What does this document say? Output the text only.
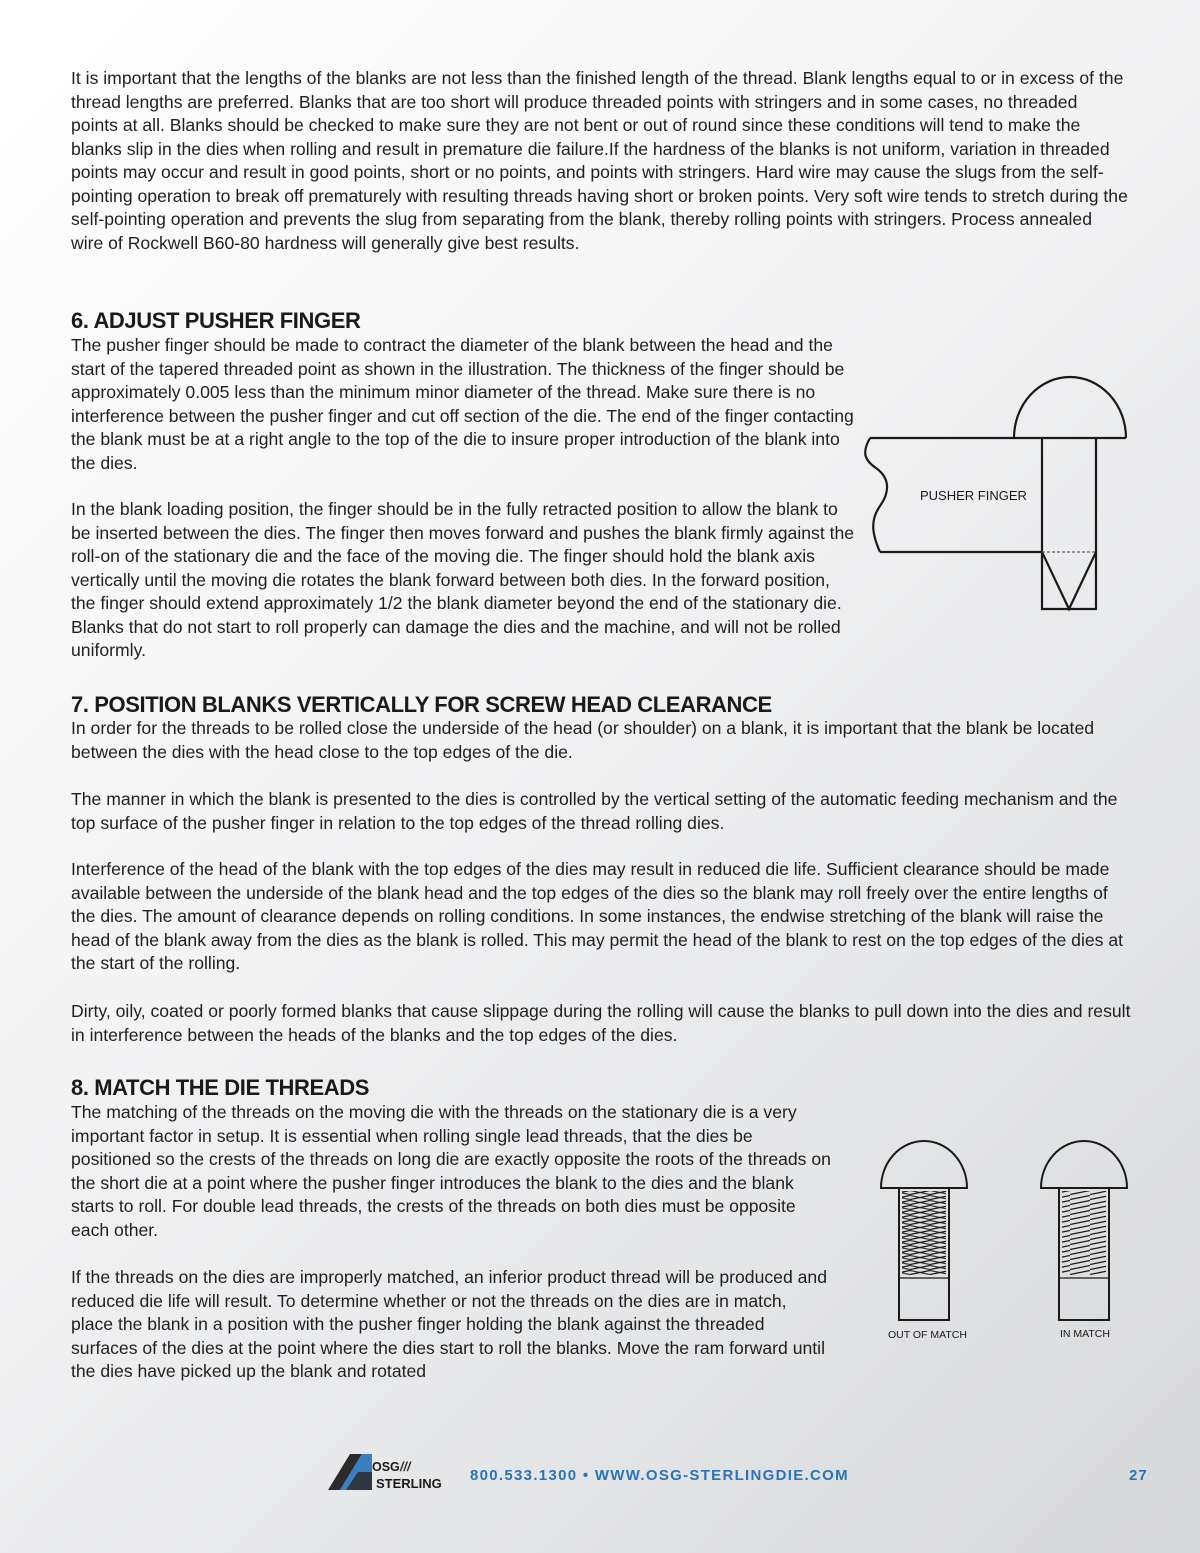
It is important that the lengths of the blanks are not less than the finished length of the thread. Blank lengths equal to or in excess of the thread lengths are preferred. Blanks that are too short will produce threaded points with stringers and in some cases, no threaded points at all. Blanks should be checked to make sure they are not bent or out of round since these conditions will tend to make the blanks slip in the dies when rolling and result in premature die failure.If the hardness of the blanks is not uniform, variation in threaded points may occur and result in good points, short or no points, and points with stringers. Hard wire may cause the slugs from the self-pointing operation to break off prematurely with resulting threads having short or broken points. Very soft wire tends to stretch during the self-pointing operation and prevents the slug from separating from the blank, thereby rolling points with stringers. Process annealed wire of Rockwell B60-80 hardness will generally give best results.

6. ADJUST PUSHER FINGER

The pusher finger should be made to contract the diameter of the blank between the head and the start of the tapered threaded point as shown in the illustration. The thickness of the finger should be approximately 0.005 less than the minimum minor diameter of the thread. Make sure there is no interference between the pusher finger and cut off section of the die. The end of the finger contacting the blank must be at a right angle to the top of the die to insure proper introduction of the blank into the dies.

In the blank loading position, the finger should be in the fully retracted position to allow the blank to be inserted between the dies. The finger then moves forward and pushes the blank firmly against the roll-on of the stationary die and the face of the moving die. The finger should hold the blank axis vertically until the moving die rotates the blank forward between both dies. In the forward position, the finger should extend approximately 1/2 the blank diameter beyond the end of the stationary die. Blanks that do not start to roll properly can damage the dies and the machine, and will not be rolled uniformly.

PUSHER FINGER
7. POSITION BLANKS VERTICALLY FOR SCREW HEAD CLEARANCE

In order for the threads to be rolled close the underside of the head (or shoulder) on a blank, it is important that the blank be located between the dies with the head close to the top edges of the die.

The manner in which the blank is presented to the dies is controlled by the vertical setting of the automatic feeding mechanism and the top surface of the pusher finger in relation to the top edges of the thread rolling dies.

Interference of the head of the blank with the top edges of the dies may result in reduced die life. Sufficient clearance should be made available between the underside of the blank head and the top edges of the dies so the blank may roll freely over the entire lengths of the dies. The amount of clearance depends on rolling conditions. In some instances, the endwise stretching of the blank will raise the head of the blank away from the dies as the blank is rolled. This may permit the head of the blank to rest on the top edges of the dies at the start of the rolling.

Dirty, oily, coated or poorly formed blanks that cause slippage during the rolling will cause the blanks to pull down into the dies and result in interference between the heads of the blanks and the top edges of the dies.

8. MATCH THE DIE THREADS

The matching of the threads on the moving die with the threads on the stationary die is a very important factor in setup. It is essential when rolling single lead threads, that the dies be positioned so the crests of the threads on long die are exactly opposite the roots of the threads on the short die at a point where the pusher finger introduces the blank to the dies and the blank starts to roll. For double lead threads, the crests of the threads on both dies must be opposite each other.

If the threads on the dies are improperly matched, an inferior product thread will be produced and reduced die life will result. To determine whether or not the threads on the dies are in match, place the blank in a position with the pusher finger holding the blank against the threaded surfaces of the dies at the point where the dies start to roll the blanks. Move the ram forward until the dies have picked up the blank and rotated

OUT OF MATCH	IN MATCH
OSG ///
STERLING 800.533.1300 • WWW.OSG-STERLINGDIE.COM	27
